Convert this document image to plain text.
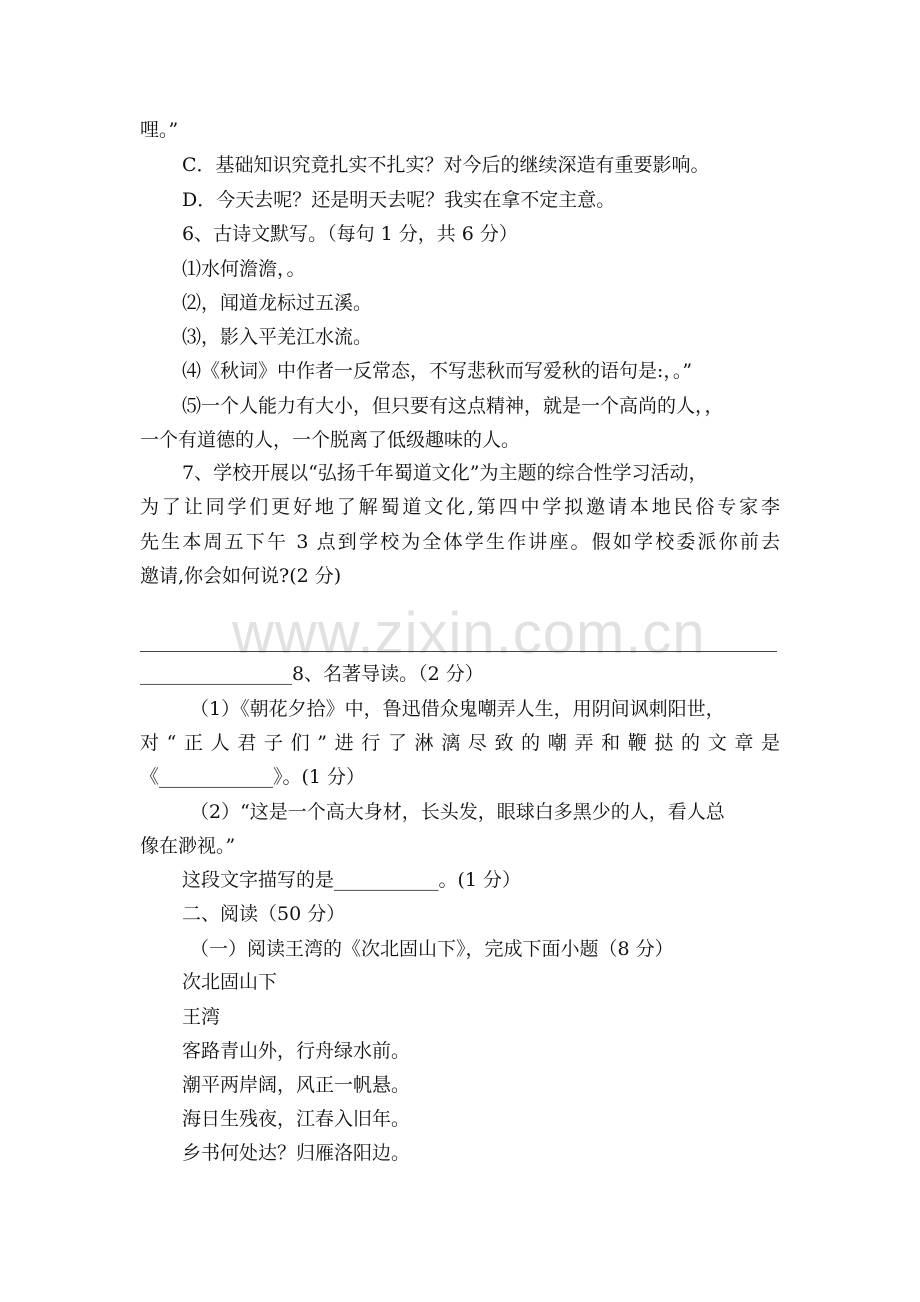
哩。”
C．基础知识究竟扎实不扎实？对今后的继续深造有重要影响。
D．今天去呢？还是明天去呢？我实在拿不定主意。
6、古诗文默写。（每句 1 分，共 6 分）
⑴水何澹澹，。
⑵，闻道龙标过五溪。
⑶，影入平羌江水流。
⑷《秋词》中作者一反常态，不写悲秋而写爱秋的语句是:，。”
⑸一个人能力有大小，但只要有这点精神，就是一个高尚的人，，
一个有道德的人，一个脱离了低级趣味的人。
7、学校开展以“弘扬千年蜀道文化”为主题的综合性学习活动，
为了让同学们更好地了解蜀道文化,第四中学拟邀请本地民俗专家李
先生本周五下午 3 点到学校为全体学生作讲座。假如学校委派你前去
邀请,你会如何说?(2 分)
www.zixin.com.cn
________________8、名著导读。（2 分）
（1）《朝花夕拾》中，鲁迅借众鬼嘲弄人生，用阴间讽刺阳世，
对“正人君子们”进行了淋漓尽致的嘲弄和鞭挞的文章是
《____________》。(1 分）
（2）“这是一个高大身材，长头发，眼球白多黑少的人，看人总
像在渺视。”
这段文字描写的是___________。(1 分）
二、阅读（50 分）
（一）阅读王湾的《次北固山下》，完成下面小题（8 分）
次北固山下
王湾
客路青山外，行舟绿水前。
潮平两岸阔，风正一帆悬。
海日生残夜，江春入旧年。
乡书何处达？归雁洛阳边。
